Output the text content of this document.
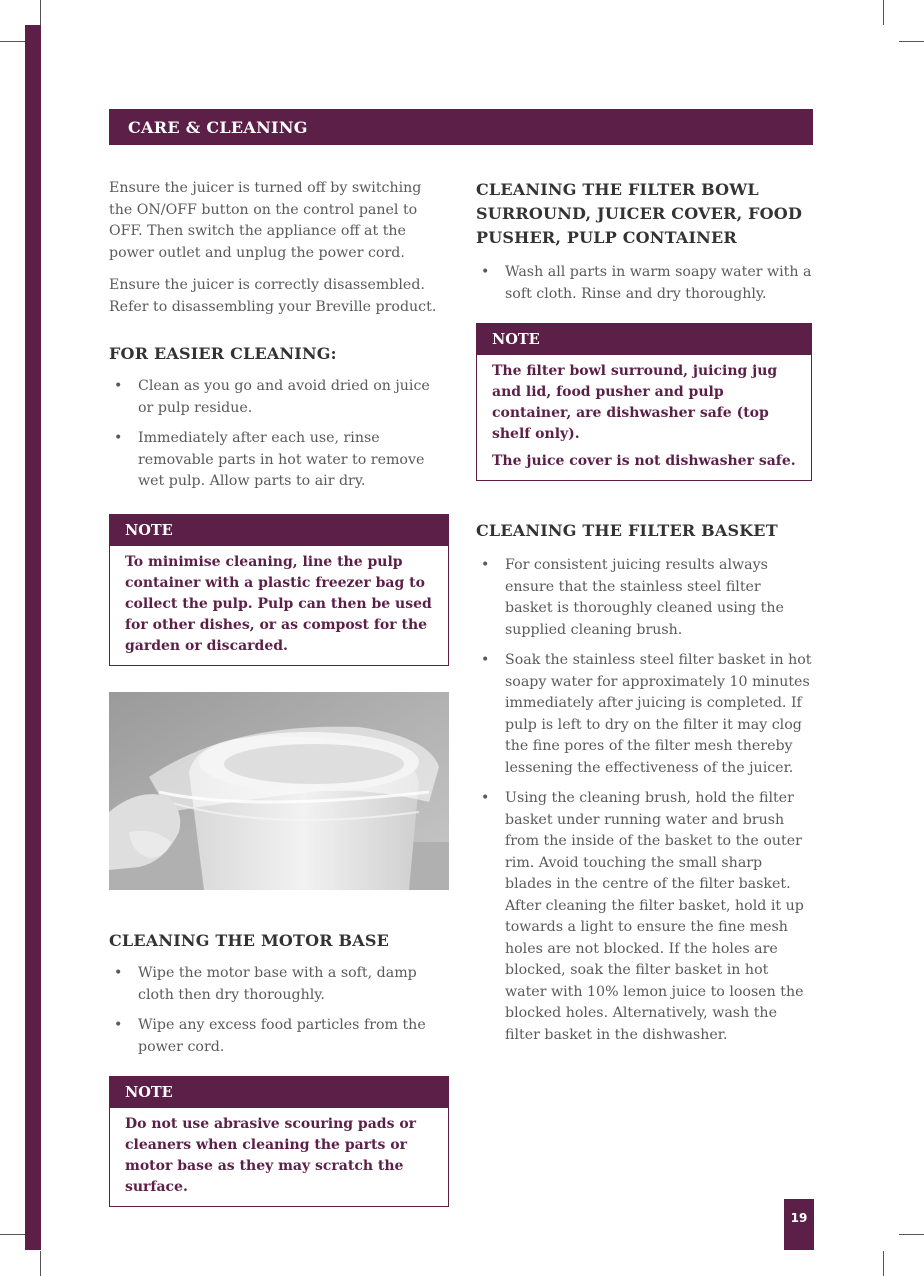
CARE & CLEANING

Ensure the juicer is turned off by switching the ON/OFF button on the control panel to OFF. Then switch the appliance off at the power outlet and unplug the power cord.

Ensure the juicer is correctly disassembled. Refer to disassembling your Breville product.

FOR EASIER CLEANING:
• Clean as you go and avoid dried on juice or pulp residue.
• Immediately after each use, rinse removable parts in hot water to remove wet pulp. Allow parts to air dry.
NOTE
To minimise cleaning, line the pulp container with a plastic freezer bag to collect the pulp. Pulp can then be used for other dishes, or as compost for the garden or discarded.
CLEANING THE MOTOR BASE
• Wipe the motor base with a soft, damp cloth then dry thoroughly.
• Wipe any excess food particles from the power cord.
NOTE
Do not use abrasive scouring pads or cleaners when cleaning the parts or motor base as they may scratch the surface.
CLEANING THE FILTER BOWL SURROUND, JUICER COVER, FOOD PUSHER, PULP CONTAINER
• Wash all parts in warm soapy water with a soft cloth. Rinse and dry thoroughly.
NOTE

The filter bowl surround, juicing jug and lid, food pusher and pulp container, are dishwasher safe (top shelf only).

The juice cover is not dishwasher safe.

CLEANING THE FILTER BASKET
• For consistent juicing results always ensure that the stainless steel filter basket is thoroughly cleaned using the supplied cleaning brush.
• Soak the stainless steel filter basket in hot soapy water for approximately 10 minutes immediately after juicing is completed. If pulp is left to dry on the filter it may clog the fine pores of the filter mesh thereby lessening the effectiveness of the juicer.
• Using the cleaning brush, hold the filter basket under running water and brush from the inside of the basket to the outer rim. Avoid touching the small sharp blades in the centre of the filter basket. After cleaning the filter basket, hold it up towards a light to ensure the fine mesh holes are not blocked. If the holes are blocked, soak the filter basket in hot water with 10% lemon juice to loosen the blocked holes. Alternatively, wash the filter basket in the dishwasher.
19
